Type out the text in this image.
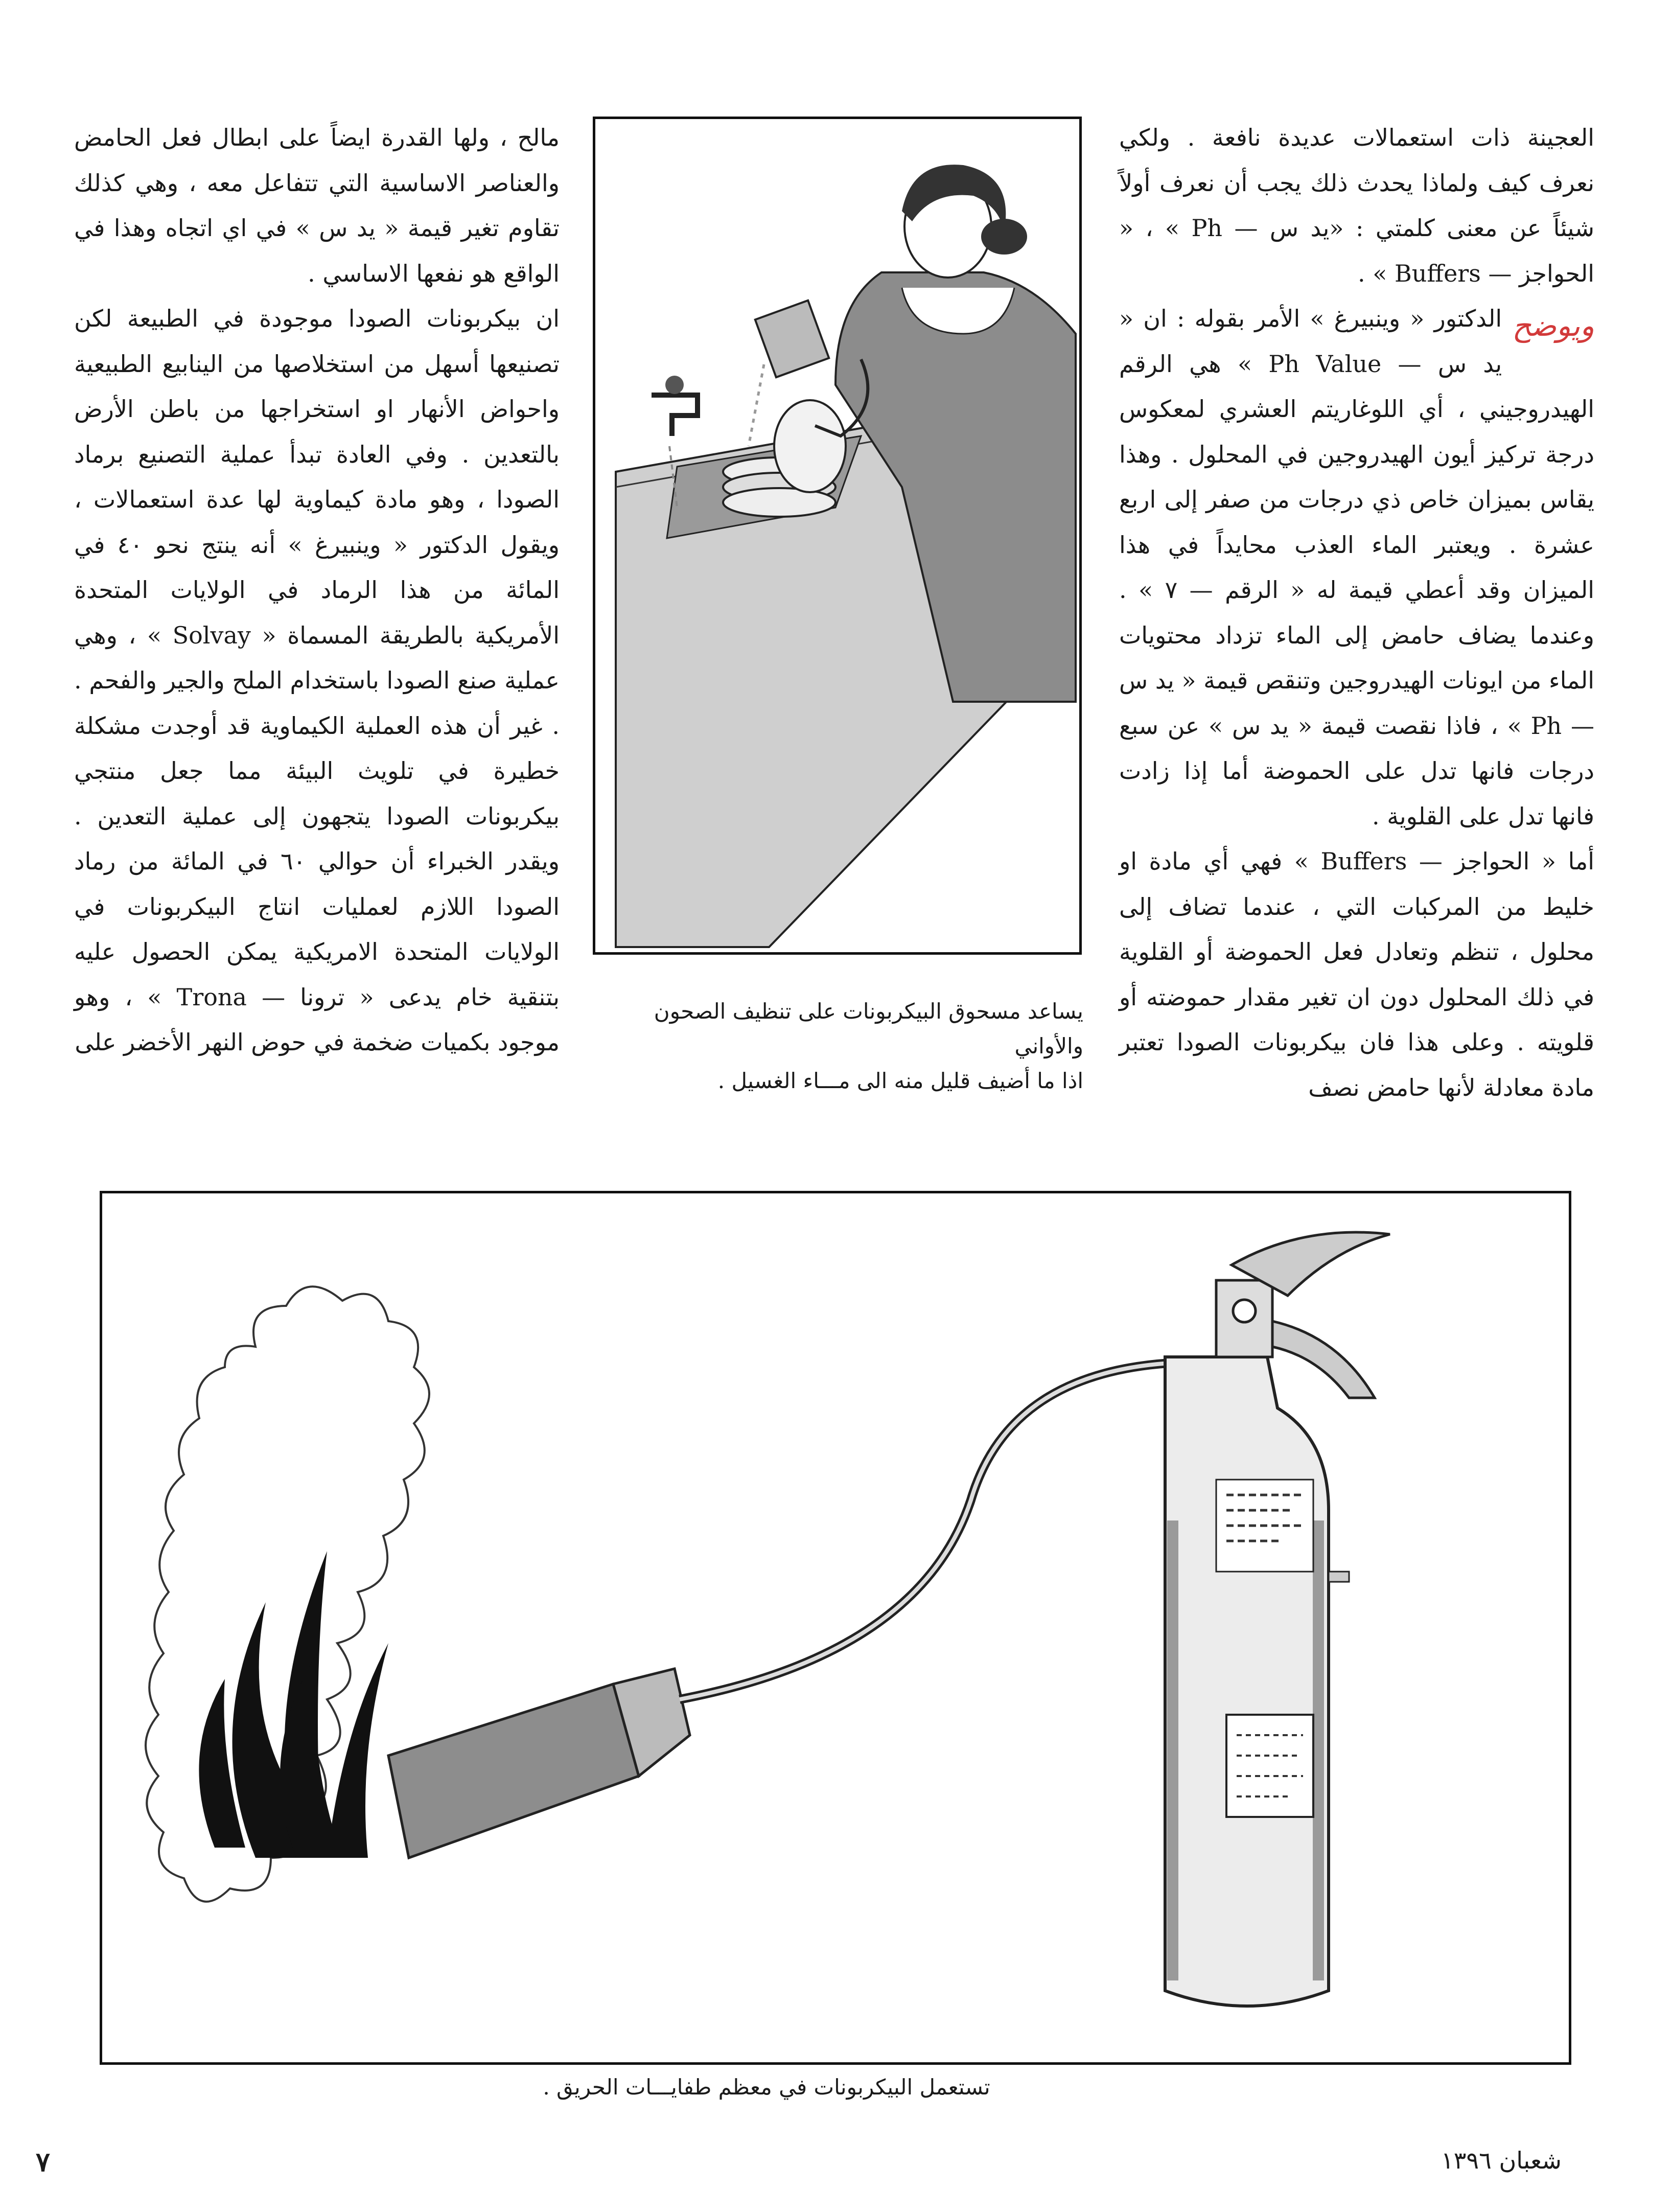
العجينة ذات استعمالات عديدة نافعة . ولكي نعرف كيف ولماذا يحدث ذلك يجب أن نعرف أولاً شيئاً عن معنى كلمتي : «يد س — Ph » ، « الحواجز — Buffers » .

ويوضح
الدكتور « وينبيرغ » الأمر بقوله : ان « يد س — Ph Value » هي الرقم الهيدروجيني ، أي اللوغاريتم العشري لمعكوس درجة تركيز أيون الهيدروجين في المحلول . وهذا يقاس بميزان خاص ذي درجات من صفر إلى اربع عشرة . ويعتبر الماء العذب محايداً في هذا الميزان وقد أعطي قيمة له « الرقم — ٧ » . وعندما يضاف حامض إلى الماء تزداد محتويات الماء من ايونات الهيدروجين وتنقص قيمة « يد س — Ph » ، فاذا نقصت قيمة « يد س » عن سبع درجات فانها تدل على الحموضة أما إذا زادت فانها تدل على القلوية .

أما « الحواجز — Buffers » فهي أي مادة او خليط من المركبات التي ، عندما تضاف إلى محلول ، تنظم وتعادل فعل الحموضة أو القلوية في ذلك المحلول دون ان تغير مقدار حموضته أو قلويته . وعلى هذا فان بيكربونات الصودا تعتبر مادة معادلة لأنها حامض نصف

مالح ، ولها القدرة ايضاً على ابطال فعل الحامض والعناصر الاساسية التي تتفاعل معه ، وهي كذلك تقاوم تغير قيمة « يد س » في اي اتجاه وهذا في الواقع هو نفعها الاساسي .

ان بيكربونات الصودا موجودة في الطبيعة لكن تصنيعها أسهل من استخلاصها من الينابيع الطبيعية واحواض الأنهار او استخراجها من باطن الأرض بالتعدين . وفي العادة تبدأ عملية التصنيع برماد الصودا ، وهو مادة كيماوية لها عدة استعمالات ، ويقول الدكتور « وينبيرغ » أنه ينتج نحو ٤٠ في المائة من هذا الرماد في الولايات المتحدة الأمريكية بالطريقة المسماة « Solvay » ، وهي عملية صنع الصودا باستخدام الملح والجير والفحم . . غير أن هذه العملية الكيماوية قد أوجدت مشكلة خطيرة في تلويث البيئة مما جعل منتجي بيكربونات الصودا يتجهون إلى عملية التعدين . ويقدر الخبراء أن حوالي ٦٠ في المائة من رماد الصودا اللازم لعمليات انتاج البيكربونات في الولايات المتحدة الامريكية يمكن الحصول عليه بتنقية خام يدعى « ترونا — Trona » ، وهو موجود بكميات ضخمة في حوض النهر الأخضر على

يساعد مسحوق البيكربونات على تنظيف الصحون والأواني
اذا ما أضيف قليل منه الى مـــاء الغسيل .
تستعمل البيكربونات في معظم طفايـــات الحريق .
شعبان ١٣٩٦
٧
